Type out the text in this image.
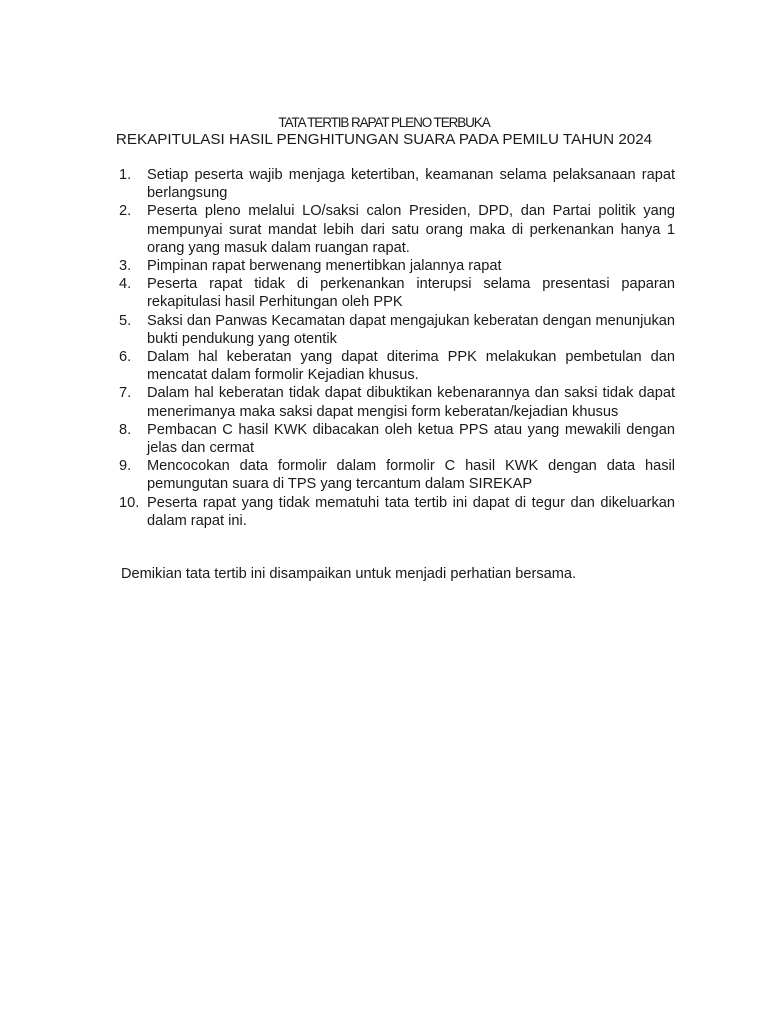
TATA TERTIB RAPAT PLENO TERBUKA
REKAPITULASI HASIL PENGHITUNGAN SUARA PADA PEMILU TAHUN 2024
1.	Setiap peserta wajib menjaga ketertiban, keamanan selama pelaksanaan rapat berlangsung
2.	Peserta pleno melalui LO/saksi calon Presiden, DPD, dan Partai politik yang mempunyai surat mandat lebih dari satu orang maka di perkenankan hanya 1 orang yang masuk dalam ruangan rapat.
3.	Pimpinan rapat berwenang menertibkan jalannya rapat
4.	Peserta rapat tidak di perkenankan interupsi selama presentasi paparan rekapitulasi hasil Perhitungan oleh PPK
5.	Saksi dan Panwas Kecamatan dapat mengajukan keberatan dengan menunjukan bukti pendukung yang otentik
6.	Dalam hal keberatan yang dapat diterima PPK melakukan pembetulan dan mencatat dalam formolir Kejadian khusus.
7.	Dalam hal keberatan tidak dapat dibuktikan kebenarannya dan saksi tidak dapat menerimanya maka saksi dapat mengisi form keberatan/kejadian khusus
8.	Pembacan C hasil KWK dibacakan oleh ketua PPS atau yang mewakili dengan jelas dan cermat
9.	Mencocokan data formolir dalam formolir C hasil KWK dengan data hasil pemungutan suara di TPS yang tercantum dalam SIREKAP
10. Peserta rapat yang tidak mematuhi tata tertib ini dapat di tegur dan dikeluarkan dalam rapat ini.

Demikian tata tertib ini disampaikan untuk menjadi perhatian bersama.
